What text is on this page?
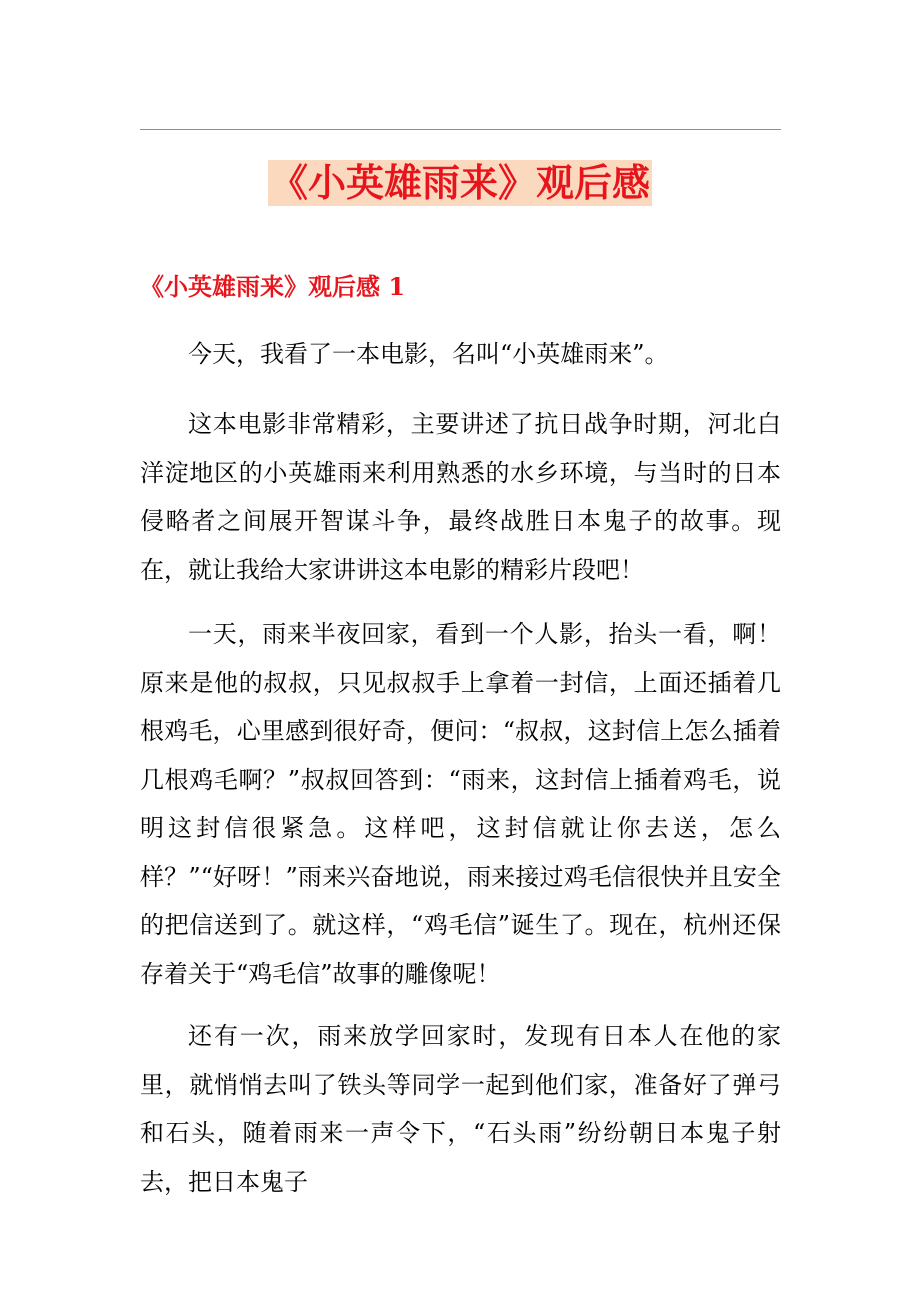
《小英雄雨来》观后感
《小英雄雨来》观后感 1

今天，我看了一本电影，名叫“小英雄雨来”。

这本电影非常精彩，主要讲述了抗日战争时期，河北白洋淀地区的小英雄雨来利用熟悉的水乡环境，与当时的日本侵略者之间展开智谋斗争，最终战胜日本鬼子的故事。现在，就让我给大家讲讲这本电影的精彩片段吧！

一天，雨来半夜回家，看到一个人影，抬头一看，啊！原来是他的叔叔，只见叔叔手上拿着一封信，上面还插着几根鸡毛，心里感到很好奇，便问：“叔叔，这封信上怎么插着几根鸡毛啊？”叔叔回答到：“雨来，这封信上插着鸡毛，说明这封信很紧急。这样吧，这封信就让你去送，怎么样？”“好呀！”雨来兴奋地说，雨来接过鸡毛信很快并且安全的把信送到了。就这样，“鸡毛信”诞生了。现在，杭州还保存着关于“鸡毛信”故事的雕像呢！

还有一次，雨来放学回家时，发现有日本人在他的家里，就悄悄去叫了铁头等同学一起到他们家，准备好了弹弓和石头，随着雨来一声令下，“石头雨”纷纷朝日本鬼子射去，把日本鬼子
